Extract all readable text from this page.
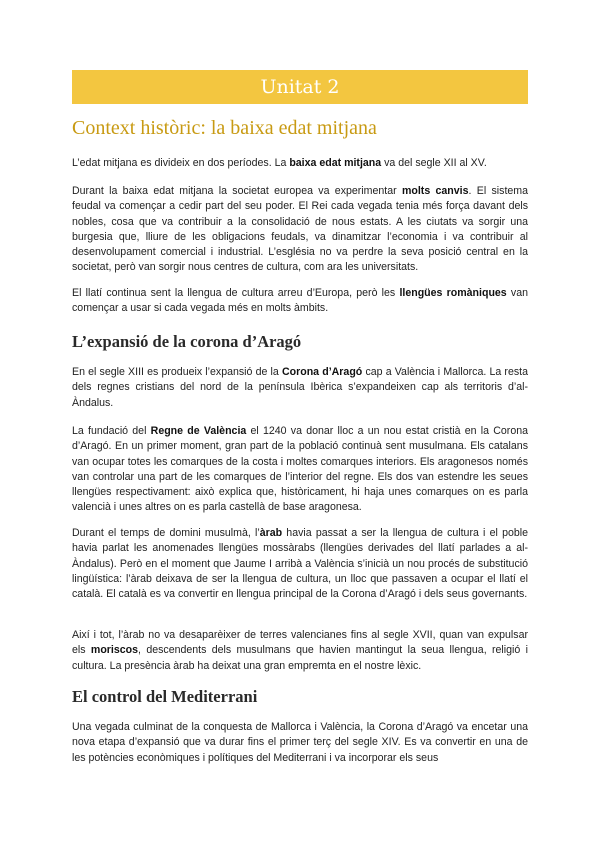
Unitat 2
Context històric: la baixa edat mitjana

L’edat mitjana es divideix en dos períodes. La baixa edat mitjana va del segle XII al XV.

Durant la baixa edat mitjana la societat europea va experimentar molts canvis. El sistema feudal va començar a cedir part del seu poder. El Rei cada vegada tenia més força davant dels nobles, cosa que va contribuir a la consolidació de nous estats. A les ciutats va sorgir una burgesia que, lliure de les obligacions feudals, va dinamitzar l’economia i va contribuir al desenvolupament comercial i industrial. L’església no va perdre la seva posició central en la societat, però van sorgir nous centres de cultura, com ara les universitats.

El llatí continua sent la llengua de cultura arreu d’Europa, però les llengües romàniques van començar a usar si cada vegada més en molts àmbits.

L’expansió de la corona d’Aragó

En el segle XIII es produeix l’expansió de la Corona d’Aragó cap a València i Mallorca. La resta dels regnes cristians del nord de la península Ibèrica s’expandeixen cap als territoris d’al-Àndalus.

La fundació del Regne de València el 1240 va donar lloc a un nou estat cristià en la Corona d’Aragó. En un primer moment, gran part de la població continuà sent musulmana. Els catalans van ocupar totes les comarques de la costa i moltes comarques interiors. Els aragonesos només van controlar una part de les comarques de l’interior del regne. Els dos van estendre les seues llengües respectivament: això explica que, històricament, hi haja unes comarques on es parla valencià i unes altres on es parla castellà de base aragonesa.

Durant el temps de domini musulmà, l’àrab havia passat a ser la llengua de cultura i el poble havia parlat les anomenades llengües mossàrabs (llengües derivades del llatí parlades a al-Àndalus). Però en el moment que Jaume I arribà a València s’inicià un nou procés de substitució lingüística: l’àrab deixava de ser la llengua de cultura, un lloc que passaven a ocupar el llatí el català. El català es va convertir en llengua principal de la Corona d’Aragó i dels seus governants.

Així i tot, l’àrab no va desaparèixer de terres valencianes fins al segle XVII, quan van expulsar els moriscos, descendents dels musulmans que havien mantingut la seua llengua, religió i cultura. La presència àrab ha deixat una gran empremta en el nostre lèxic.

El control del Mediterrani

Una vegada culminat de la conquesta de Mallorca i València, la Corona d’Aragó va encetar una nova etapa d’expansió que va durar fins el primer terç del segle XIV. Es va convertir en una de les potències econòmiques i polítiques del Mediterrani i va incorporar els seus
